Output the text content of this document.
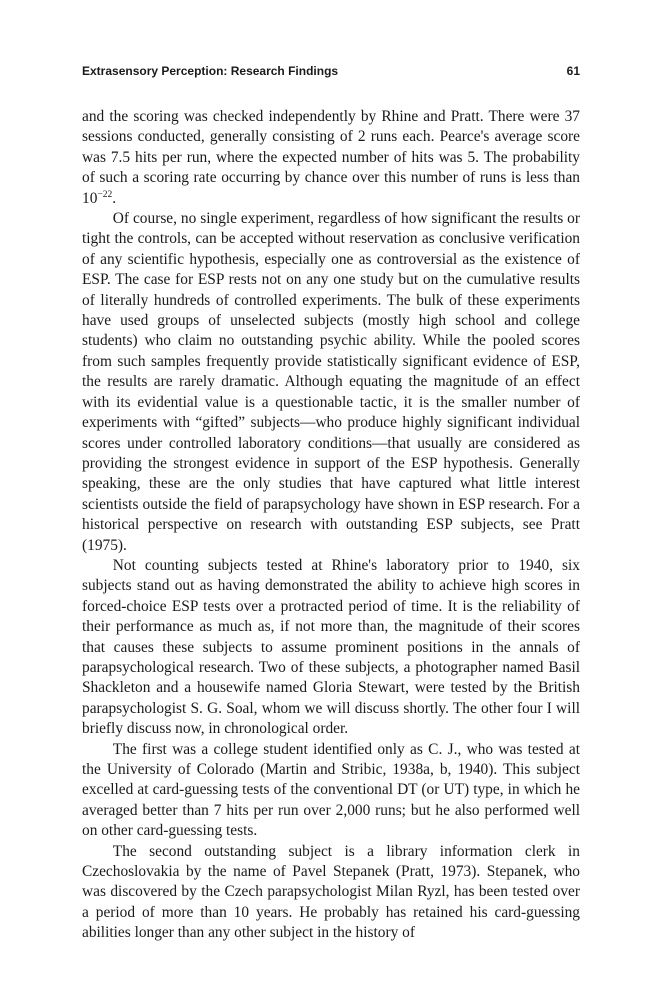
Extrasensory Perception: Research Findings	61

and the scoring was checked independently by Rhine and Pratt. There were 37 sessions conducted, generally consisting of 2 runs each. Pearce's average score was 7.5 hits per run, where the expected number of hits was 5. The probability of such a scoring rate occurring by chance over this number of runs is less than $10^{-22}$.

Of course, no single experiment, regardless of how significant the results or tight the controls, can be accepted without reservation as conclusive verification of any scientific hypothesis, especially one as controversial as the existence of ESP. The case for ESP rests not on any one study but on the cumulative results of literally hundreds of controlled experiments. The bulk of these experiments have used groups of unselected subjects (mostly high school and college students) who claim no outstanding psychic ability. While the pooled scores from such samples frequently provide statistically significant evidence of ESP, the results are rarely dramatic. Although equating the magnitude of an effect with its evidential value is a questionable tactic, it is the smaller number of experiments with “gifted” subjects—who produce highly significant individual scores under controlled laboratory conditions—that usually are considered as providing the strongest evidence in support of the ESP hypothesis. Generally speaking, these are the only studies that have captured what little interest scientists outside the field of parapsychology have shown in ESP research. For a historical perspective on research with outstanding ESP subjects, see Pratt (1975).

Not counting subjects tested at Rhine's laboratory prior to 1940, six subjects stand out as having demonstrated the ability to achieve high scores in forced-choice ESP tests over a protracted period of time. It is the reliability of their performance as much as, if not more than, the magnitude of their scores that causes these subjects to assume prominent positions in the annals of parapsychological research. Two of these subjects, a photographer named Basil Shackleton and a housewife named Gloria Stewart, were tested by the British parapsychologist S. G. Soal, whom we will discuss shortly. The other four I will briefly discuss now, in chronological order.

The first was a college student identified only as C. J., who was tested at the University of Colorado (Martin and Stribic, 1938a, b, 1940). This subject excelled at card-guessing tests of the conventional DT (or UT) type, in which he averaged better than 7 hits per run over 2,000 runs; but he also performed well on other card-guessing tests.

The second outstanding subject is a library information clerk in Czechoslovakia by the name of Pavel Stepanek (Pratt, 1973). Stepanek, who was discovered by the Czech parapsychologist Milan Ryzl, has been tested over a period of more than 10 years. He probably has retained his card-guessing abilities longer than any other subject in the history of
